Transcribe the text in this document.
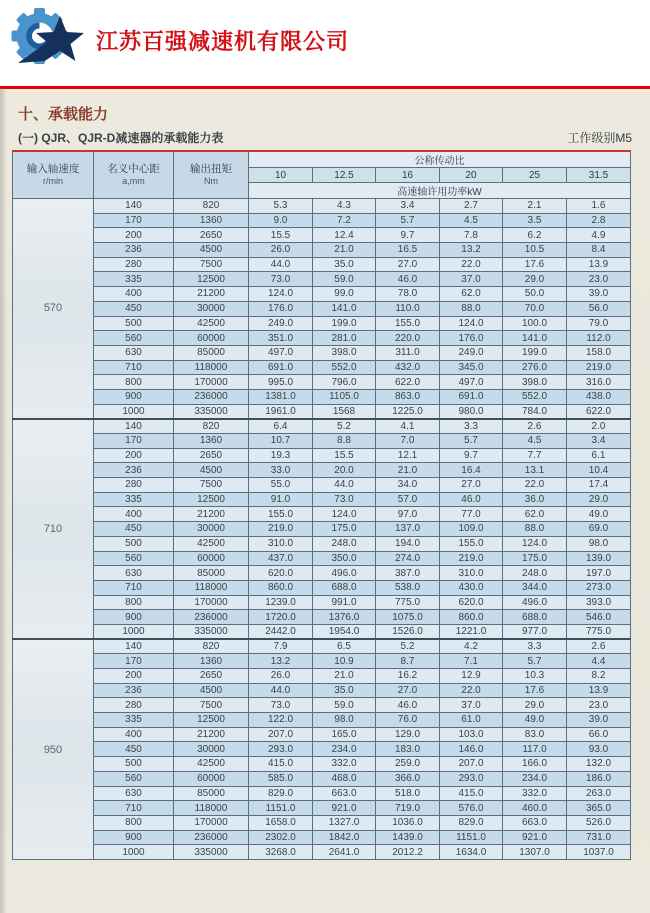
江苏百强减速机有限公司
十、承载能力
(一) QJR、QJR-D减速器的承载能力表	工作级别M5
输入轴速度
r/min

名义中心距
a,mm

输出扭矩
Nm
	公称传动比
			10	12.5	16	20	25	31.5
			高速轴许用功率kW					
570	140	820	5.3	4.3	3.4	2.7	2.1	1.6
	170	1360	9.0	7.2	5.7	4.5	3.5	2.8
	200	2650	15.5	12.4	9.7	7.8	6.2	4.9
	236	4500	26.0	21.0	16.5	13.2	10.5	8.4
	280	7500	44.0	35.0	27.0	22.0	17.6	13.9
	335	12500	73.0	59.0	46.0	37.0	29.0	23.0
	400	21200	124.0	99.0	78.0	62.0	50.0	39.0
	450	30000	176.0	141.0	110.0	88.0	70.0	56.0
	500	42500	249.0	199.0	155.0	124.0	100.0	79.0
	560	60000	351.0	281.0	220.0	176.0	141.0	112.0
	630	85000	497.0	398.0	311.0	249.0	199.0	158.0
	710	118000	691.0	552.0	432.0	345.0	276.0	219.0
	800	170000	995.0	796.0	622.0	497.0	398.0	316.0
	900	236000	1381.0	1105.0	863.0	691.0	552.0	438.0
	1000	335000	1961.0	1568	1225.0	980.0	784.0	622.0
710	140	820	6.4	5.2	4.1	3.3	2.6	2.0
	170	1360	10.7	8.8	7.0	5.7	4.5	3.4
	200	2650	19.3	15.5	12.1	9.7	7.7	6.1
	236	4500	33.0	20.0	21.0	16.4	13.1	10.4
	280	7500	55.0	44.0	34.0	27.0	22.0	17.4
	335	12500	91.0	73.0	57.0	46.0	36.0	29.0
	400	21200	155.0	124.0	97.0	77.0	62.0	49.0
	450	30000	219.0	175.0	137.0	109.0	88.0	69.0
	500	42500	310.0	248.0	194.0	155.0	124.0	98.0
	560	60000	437.0	350.0	274.0	219.0	175.0	139.0
	630	85000	620.0	496.0	387.0	310.0	248.0	197.0
	710	118000	860.0	688.0	538.0	430.0	344.0	273.0
	800	170000	1239.0	991.0	775.0	620.0	496.0	393.0
	900	236000	1720.0	1376.0	1075.0	860.0	688.0	546.0
	1000	335000	2442.0	1954.0	1526.0	1221.0	977.0	775.0
950	140	820	7.9	6.5	5.2	4.2	3.3	2.6
	170	1360	13.2	10.9	8.7	7.1	5.7	4.4
	200	2650	26.0	21.0	16.2	12.9	10.3	8.2
	236	4500	44.0	35.0	27.0	22.0	17.6	13.9
	280	7500	73.0	59.0	46.0	37.0	29.0	23.0
	335	12500	122.0	98.0	76.0	61.0	49.0	39.0
	400	21200	207.0	165.0	129.0	103.0	83.0	66.0
	450	30000	293.0	234.0	183.0	146.0	117.0	93.0
	500	42500	415.0	332.0	259.0	207.0	166.0	132.0
	560	60000	585.0	468.0	366.0	293.0	234.0	186.0
	630	85000	829.0	663.0	518.0	415.0	332.0	263.0
	710	118000	1151.0	921.0	719.0	576.0	460.0	365.0
	800	170000	1658.0	1327.0	1036.0	829.0	663.0	526.0
	900	236000	2302.0	1842.0	1439.0	1151.0	921.0	731.0
	1000	335000	3268.0	2641.0	2012.2	1634.0	1307.0	1037.0
